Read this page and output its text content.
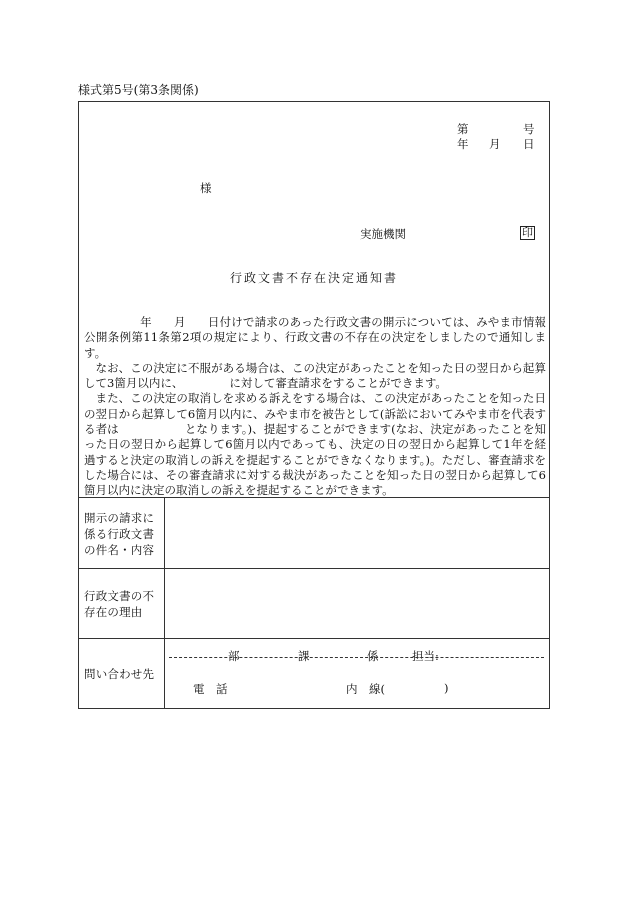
様式第5号(第3条関係)
第	号
年 月 日
様
実施機関	印
行政文書不存在決定通知書

年 月 日付けで請求のあった行政文書の開示については、みやま市情報公開条例第11条第2項の規定により、行政文書の不存在の決定をしましたので通知します。

 なお、この決定に不服がある場合は、この決定があったことを知った日の翌日から起算して3箇月以内に、	に対して審査請求をすることができます。

 また、この決定の取消しを求める訴えをする場合は、この決定があったことを知った日の翌日から起算して6箇月以内に、みやま市を被告として(訴訟においてみやま市を代表する者は	となります。)、提起することができます(なお、決定があったことを知った日の翌日から起算して6箇月以内であっても、決定の日の翌日から起算して1年を経過すると決定の取消しの訴えを提起することができなくなります。)。ただし、審査請求をした場合には、その審査請求に対する裁決があったことを知った日の翌日から起算して6箇月以内に決定の取消しの訴えを提起することができます。

開示の請求に係る行政文書の件名・内容
行政文書の不存在の理由
問い合わせ先
部	課	係	担当:
電　話	内　線(	)
